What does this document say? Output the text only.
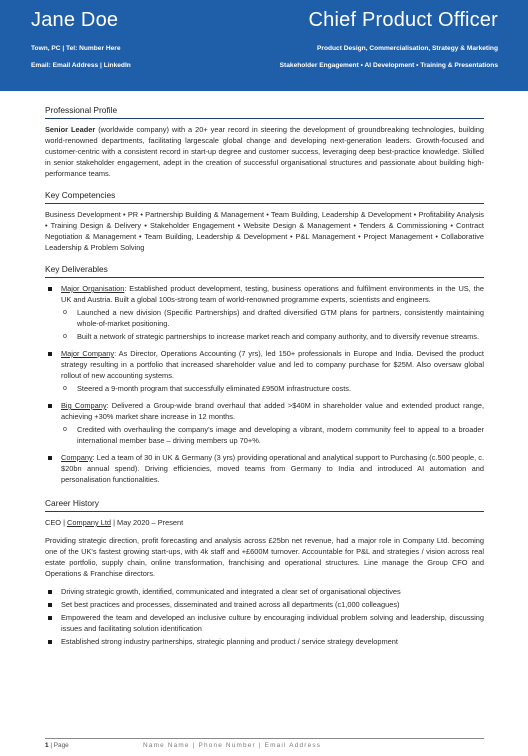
Jane Doe	Chief Product Officer
Town, PC | Tel: Number Here
Email: Email Address | LinkedIn
Product Design, Commercialisation, Strategy & Marketing
Stakeholder Engagement • AI Development • Training & Presentations
Professional Profile

Senior Leader (worldwide company) with a 20+ year record in steering the development of groundbreaking technologies, building world-renowned departments, facilitating largescale global change and developing next-generation leaders. Growth-focused and customer-centric with a consistent record in start-up degree and customer success, leveraging deep best-practice knowledge. Skilled in senior stakeholder engagement, adept in the creation of successful organisational structures and passionate about building high-performance teams.

Key Competencies

Business Development • PR • Partnership Building & Management • Team Building, Leadership & Development • Profitability Analysis • Training Design & Delivery • Stakeholder Engagement • Website Design & Management • Tenders & Commissioning • Contract Negotiation & Management • Team Building, Leadership & Development • P&L Management • Project Management • Collaborative Leadership & Problem Solving

Key Deliverables
Major Organisation: Established product development, testing, business operations and fulfilment environments in the US, the UK and Austria. Built a global 100s-strong team of world-renowned programme experts, scientists and engineers.
o Launched a new division (Specific Partnerships) and drafted diversified GTM plans for partners, consistently maintaining whole-of-market positioning.
o Built a network of strategic partnerships to increase market reach and company authority, and to diversify revenue streams.
Major Company: As Director, Operations Accounting (7 yrs), led 150+ professionals in Europe and India. Devised the product strategy resulting in a portfolio that increased shareholder value and led to company purchase for $25M. Also oversaw global rollout of new accounting systems.
o Steered a 9-month program that successfully eliminated £950M infrastructure costs.
Big Company: Delivered a Group-wide brand overhaul that added >$40M in shareholder value and extended product range, achieving +30% market share increase in 12 months.
o Credited with overhauling the company's image and developing a vibrant, modern community feel to appeal to a broader international member base – driving members up 70+%.
Company: Led a team of 30 in UK & Germany (3 yrs) providing operational and analytical support to Purchasing (c.500 people, c. $20bn annual spend). Driving efficiencies, moved teams from Germany to India and introduced AI automation and personalisation functionalities.
Career History

CEO | Company Ltd | May 2020 – Present

Providing strategic direction, profit forecasting and analysis across £25bn net revenue, had a major role in Company Ltd. becoming one of the UK's fastest growing start-ups, with 4k staff and +£600M turnover. Accountable for P&L and strategies / vision across real estate portfolio, supply chain, online transformation, franchising and operational structures. Line manage the Group CFO and Operations & Franchise directors.

Driving strategic growth, identified, communicated and integrated a clear set of organisational objectives
Set best practices and processes, disseminated and trained across all departments (c1,000 colleagues)
Empowered the team and developed an inclusive culture by encouraging individual problem solving and leadership, discussing issues and facilitating solution identification
Established strong industry partnerships, strategic planning and product / service strategy development
1 | Page	Name Name | Phone Number | Email Address
